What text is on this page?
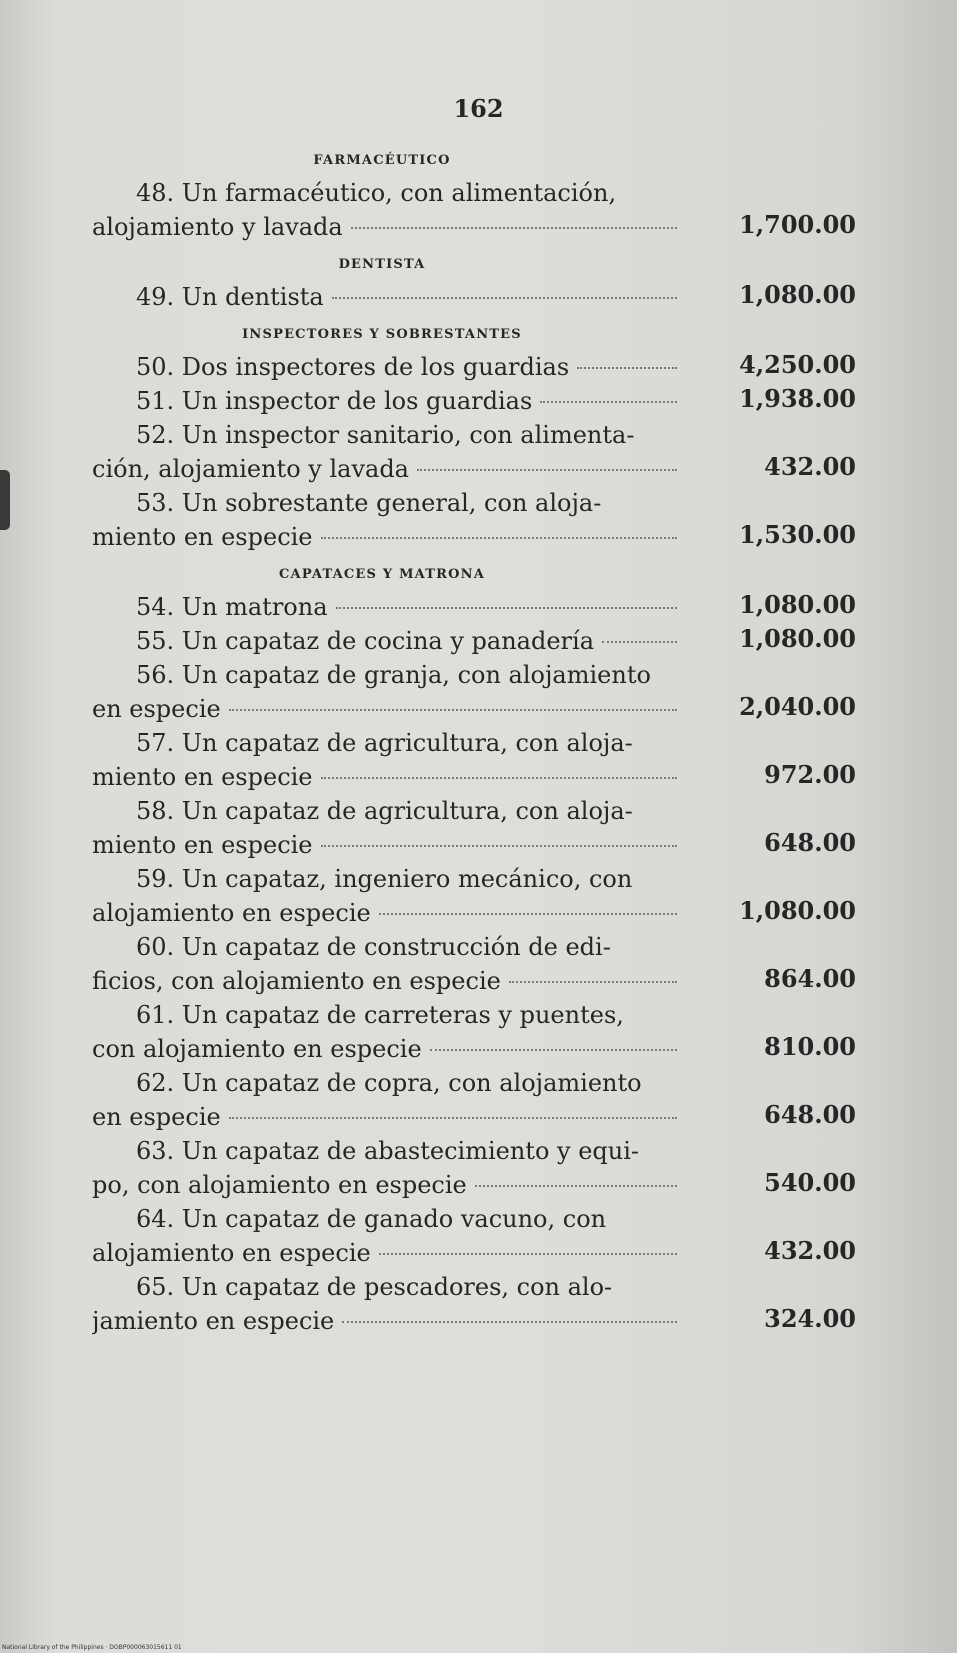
162
FARMACÉUTICO
48. Un farmacéutico, con alimentación,
alojamiento y lavada	1,700.00
DENTISTA
49. Un dentista	1,080.00
INSPECTORES Y SOBRESTANTES
50. Dos inspectores de los guardias	4,250.00
51. Un inspector de los guardias	1,938.00
52. Un inspector sanitario, con alimenta-
ción, alojamiento y lavada	432.00
53. Un sobrestante general, con aloja-
miento en especie	1,530.00
CAPATACES Y MATRONA
54. Un matrona	1,080.00
55. Un capataz de cocina y panadería	1,080.00
56. Un capataz de granja, con alojamiento
en especie	2,040.00
57. Un capataz de agricultura, con aloja-
miento en especie	972.00
58. Un capataz de agricultura, con aloja-
miento en especie	648.00
59. Un capataz, ingeniero mecánico, con
alojamiento en especie	1,080.00
60. Un capataz de construcción de edi-
ficios, con alojamiento en especie	864.00
61. Un capataz de carreteras y puentes,
con alojamiento en especie	810.00
62. Un capataz de copra, con alojamiento
en especie	648.00
63. Un capataz de abastecimiento y equi-
po, con alojamiento en especie	540.00
64. Un capataz de ganado vacuno, con
alojamiento en especie	432.00
65. Un capataz de pescadores, con alo-
jamiento en especie	324.00
National Library of the Philippines · DOBP000063015611 01
